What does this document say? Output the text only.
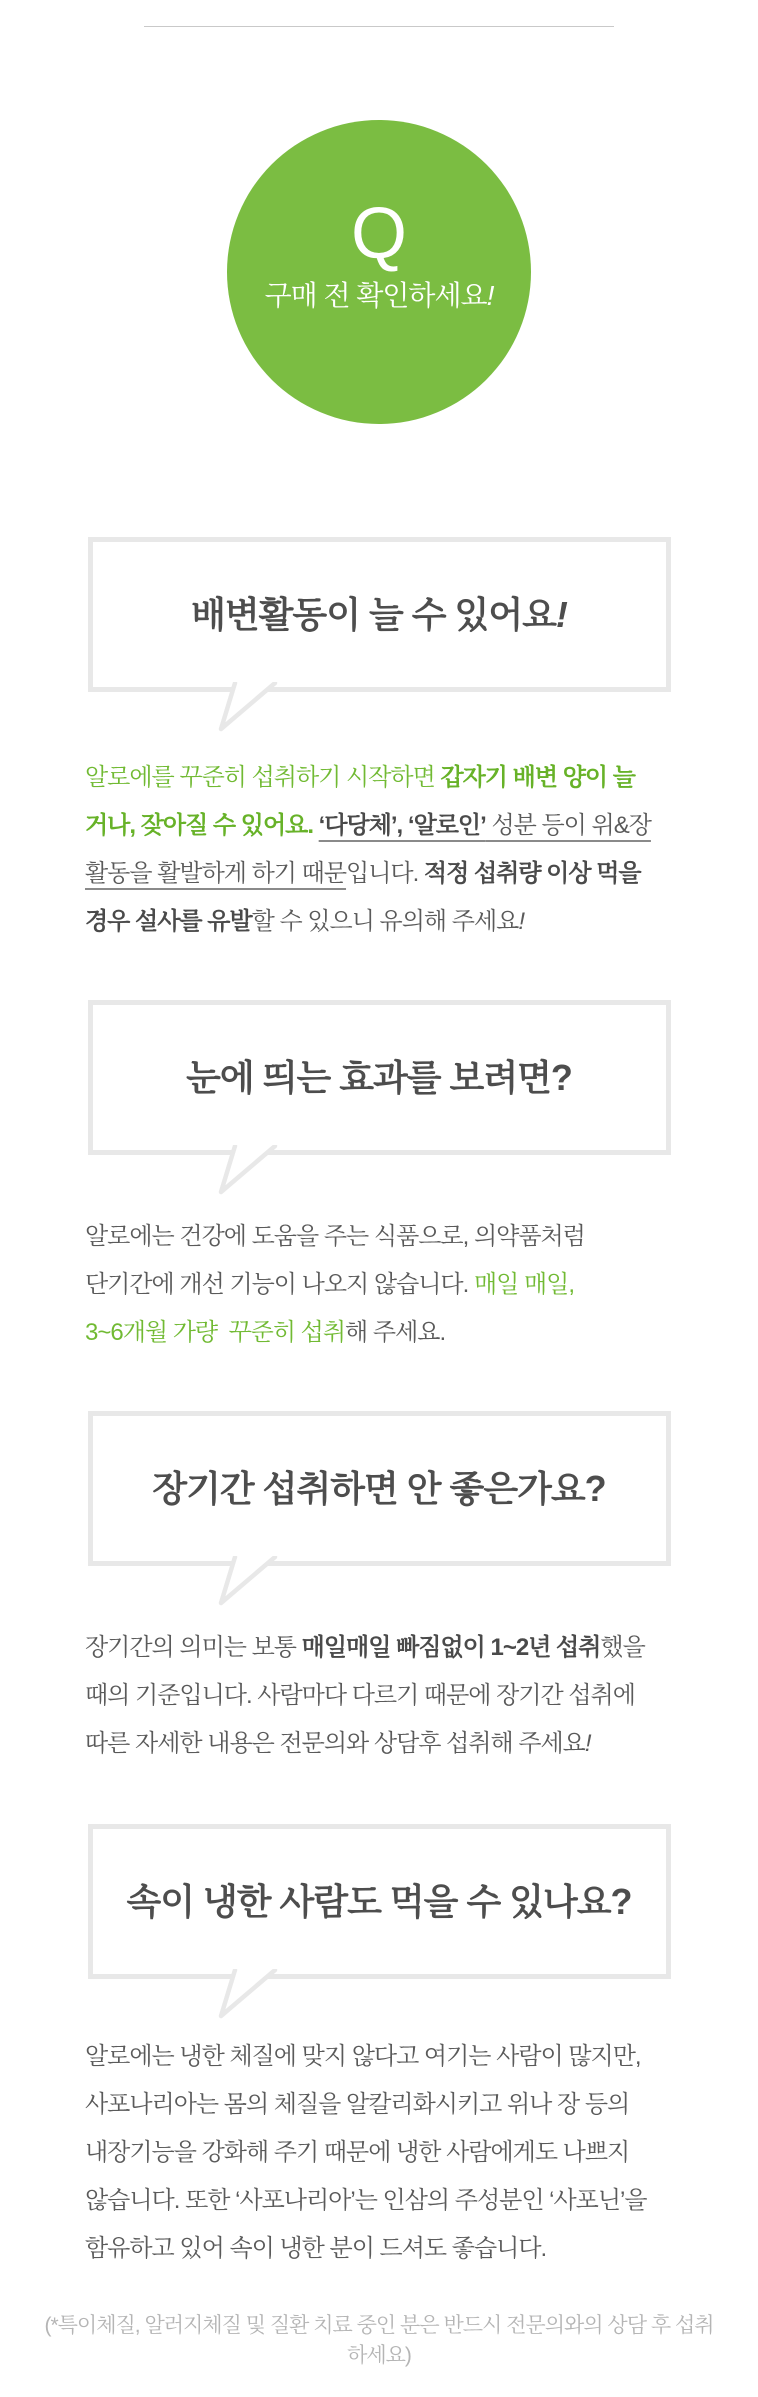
Q
구매 전 확인하세요!
배변활동이 늘 수 있어요!
알로에를 꾸준히 섭취하기 시작하면 갑자기 배변 양이 늘
거나, 잦아질 수 있어요. ‘다당체’, ‘알로인’ 성분 등이 위&장
활동을 활발하게 하기 때문입니다. 적정 섭취량 이상 먹을
경우 설사를 유발할 수 있으니 유의해 주세요!
눈에 띄는 효과를 보려면?
알로에는 건강에 도움을 주는 식품으로, 의약품처럼
단기간에 개선 기능이 나오지 않습니다. 매일 매일,
3~6개월 가량  꾸준히 섭취해 주세요.
장기간 섭취하면 안 좋은가요?
장기간의 의미는 보통 매일매일 빠짐없이 1~2년 섭취했을
때의 기준입니다. 사람마다 다르기 때문에 장기간 섭취에
따른 자세한 내용은 전문의와 상담후 섭취해 주세요!
속이 냉한 사람도 먹을 수 있나요?
알로에는 냉한 체질에 맞지 않다고 여기는 사람이 많지만,
사포나리아는 몸의 체질을 알칼리화시키고 위나 장 등의
내장기능을 강화해 주기 때문에 냉한 사람에게도 나쁘지
않습니다. 또한 ‘사포나리아’는 인삼의 주성분인 ‘사포닌’을
함유하고 있어 속이 냉한 분이 드셔도 좋습니다.

(*특이체질, 알러지체질 및 질환 치료 중인 분은 반드시 전문의와의 상담 후 섭취하세요)
